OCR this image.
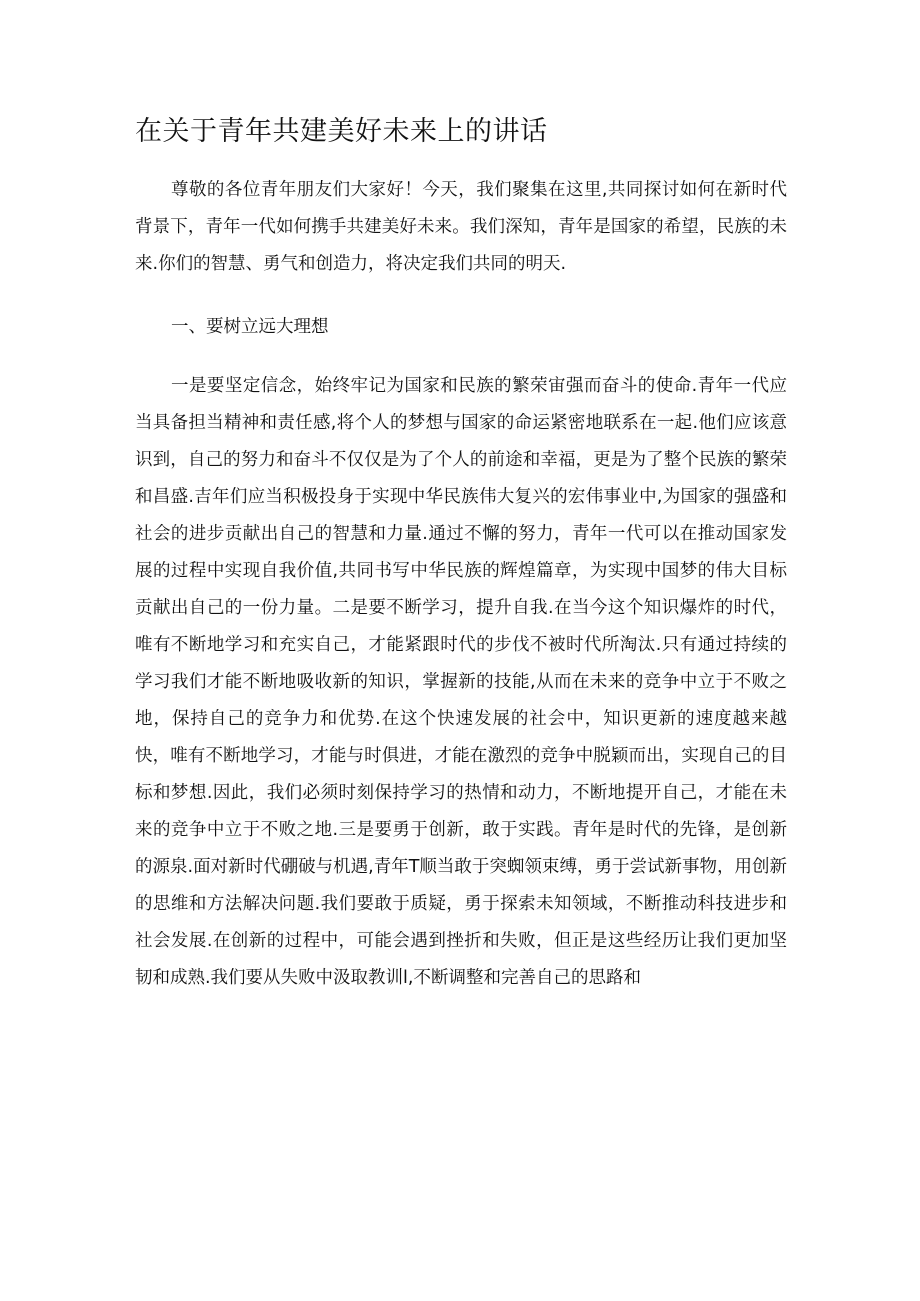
在关于青年共建美好未来上的讲话

尊敬的各位青年朋友们大家好！今天，我们聚集在这里,共同探讨如何在新时代背景下，青年一代如何携手共建美好未来。我们深知，青年是国家的希望，民族的未来.你们的智慧、勇气和创造力，将决定我们共同的明天.

一、要树立远大理想

一是要坚定信念，始终牢记为国家和民族的繁荣宙强而奋斗的使命.青年一代应当具备担当精神和责任感,将个人的梦想与国家的命运紧密地联系在一起.他们应该意识到，自己的努力和奋斗不仅仅是为了个人的前途和幸福，更是为了整个民族的繁荣和昌盛.吉年们应当积极投身于实现中华民族伟大复兴的宏伟事业中,为国家的强盛和社会的进步贡献出自己的智慧和力量.通过不懈的努力，青年一代可以在推动国家发展的过程中实现自我价值,共同书写中华民族的辉煌篇章，为实现中国梦的伟大目标贡献出自己的一份力量。二是要不断学习，提升自我.在当今这个知识爆炸的时代，唯有不断地学习和充实自己，才能紧跟时代的步伐不被时代所淘汰.只有通过持续的学习我们才能不断地吸收新的知识，掌握新的技能,从而在未来的竞争中立于不败之地，保持自己的竞争力和优势.在这个快速发展的社会中，知识更新的速度越来越快，唯有不断地学习，才能与时俱进，才能在激烈的竞争中脱颖而出，实现自己的目标和梦想.因此，我们必须时刻保持学习的热情和动力，不断地提开自己，才能在未来的竞争中立于不败之地.三是要勇于创新，敢于实践。青年是时代的先锋，是创新的源泉.面对新时代硼破与机遇,青年T顺当敢于突蜘领束缚，勇于尝试新事物，用创新的思维和方法解决问题.我们要敢于质疑，勇于探索未知领域，不断推动科技进步和社会发展.在创新的过程中，可能会遇到挫折和失败，但正是这些经历让我们更加坚韧和成熟.我们要从失败中汲取教训l,不断调整和完善自己的思路和
